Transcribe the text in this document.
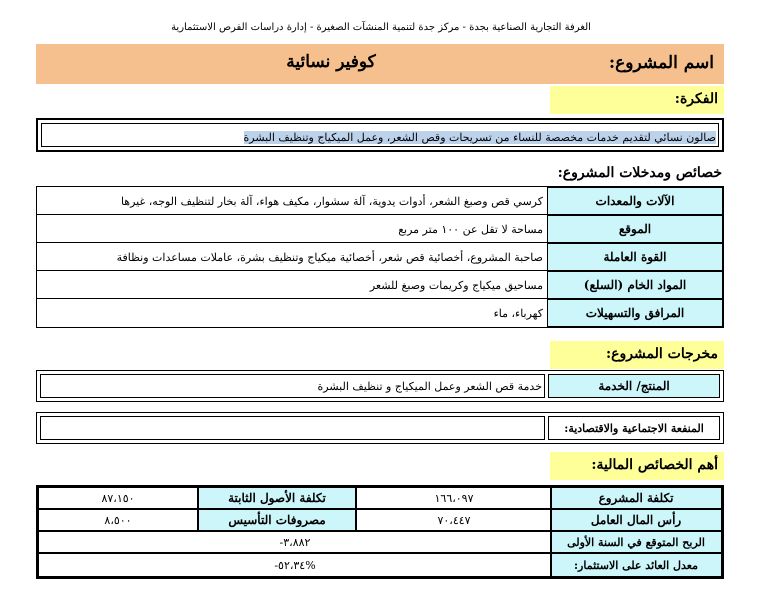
الغرفة التجارية الصناعية بجدة - مركز جدة لتنمية المنشآت الصغيرة - إدارة دراسات الفرص الاستثمارية
اسم المشروع:
كوفير نسائية
الفكرة:
صالون نسائي لتقديم خدمات مخصصة للنساء من تسريحات وقص الشعر، وعمل الميكياج وتنظيف البشرة
خصائص ومدخلات المشروع:
الآلات والمعدات
كرسي قص وصبغ الشعر، أدوات يدوية، آلة سشوار، مكيف هواء، آلة بخار لتنظيف الوجه، غيرها
الموقع
مساحة لا تقل عن ١٠٠ متر مربع
القوة العاملة
صاحبة المشروع، أخصائية قص شعر، أخصائية ميكياج وتنظيف بشرة، عاملات مساعدات ونظافة
المواد الخام (السلع)
مساحيق ميكياج وكريمات وصبغ للشعر
المرافق والتسهيلات
كهرباء، ماء
مخرجات المشروع:
المنتج/ الخدمة
خدمة قص الشعر وعمل الميكياج و تنظيف البشرة
المنفعة الاجتماعية والاقتصادية:
أهم الخصائص المالية:
تكلفة المشروع
١٦٦،٠٩٧
تكلفة الأصول الثابتة
٨٧،١٥٠
رأس المال العامل
٧٠،٤٤٧
مصروفات التأسيس
٨،٥٠٠
الربح المتوقع في السنة الأولى
-٣،٨٨٢
معدل العائد على الاستثمار:
-٥٢،٣٤%
